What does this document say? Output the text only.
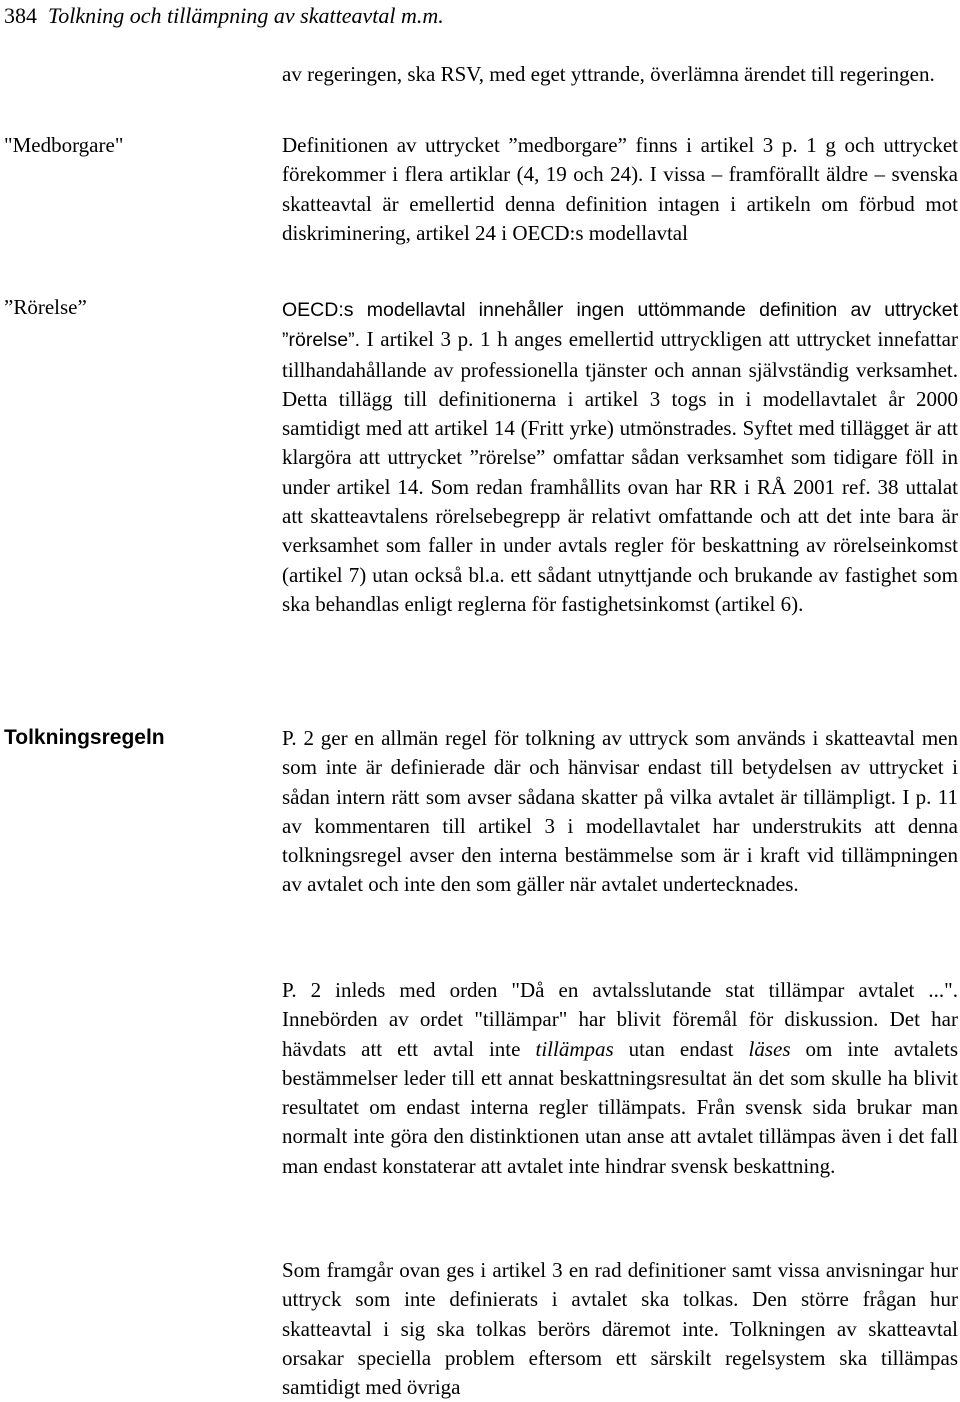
384 Tolkning och tillämpning av skatteavtal m.m.

av regeringen, ska RSV, med eget yttrande, överlämna ärendet till regeringen.

"Medborgare"	Definitionen av uttrycket ”medborgare” finns i artikel 3 p. 1 g och uttrycket förekommer i flera artiklar (4, 19 och 24). I vissa – framförallt äldre – svenska skatteavtal är emellertid denna definition intagen i artikeln om förbud mot diskriminering, artikel 24 i OECD:s modellavtal

”Rörelse”	OECD:s modellavtal innehåller ingen uttömmande definition av uttrycket ”rörelse”. I artikel 3 p. 1 h anges emellertid uttryckligen att uttrycket innefattar tillhandahållande av professionella tjänster och annan självständig verksamhet. Detta tillägg till definitionerna i artikel 3 togs in i modellavtalet år 2000 samtidigt med att artikel 14 (Fritt yrke) utmönstrades. Syftet med tillägget är att klargöra att uttrycket ”rörelse” omfattar sådan verksamhet som tidigare föll in under artikel 14. Som redan framhållits ovan har RR i RÅ 2001 ref. 38 uttalat att skatteavtalens rörelsebegrepp är relativt omfattande och att det inte bara är verksamhet som faller in under avtals regler för beskattning av rörelseinkomst (artikel 7) utan också bl.a. ett sådant utnyttjande och brukande av fastighet som ska behandlas enligt reglerna för fastighetsinkomst (artikel 6).

Tolkningsregeln	P. 2 ger en allmän regel för tolkning av uttryck som används i skatteavtal men som inte är definierade där och hänvisar endast till betydelsen av uttrycket i sådan intern rätt som avser sådana skatter på vilka avtalet är tillämpligt. I p. 11 av kommentaren till artikel 3 i modellavtalet har understrukits att denna tolkningsregel avser den interna bestämmelse som är i kraft vid tillämpningen av avtalet och inte den som gäller när avtalet undertecknades.

P. 2 inleds med orden "Då en avtalsslutande stat tillämpar avtalet ...". Innebörden av ordet "tillämpar" har blivit föremål för diskussion. Det har hävdats att ett avtal inte tillämpas utan endast läses om inte avtalets bestämmelser leder till ett annat beskattningsresultat än det som skulle ha blivit resultatet om endast interna regler tillämpats. Från svensk sida brukar man normalt inte göra den distinktionen utan anse att avtalet tillämpas även i det fall man endast konstaterar att avtalet inte hindrar svensk beskattning.

Som framgår ovan ges i artikel 3 en rad definitioner samt vissa anvisningar hur uttryck som inte definierats i avtalet ska tolkas. Den större frågan hur skatteavtal i sig ska tolkas berörs däremot inte. Tolkningen av skatteavtal orsakar speciella problem eftersom ett särskilt regelsystem ska tillämpas samtidigt med övriga
